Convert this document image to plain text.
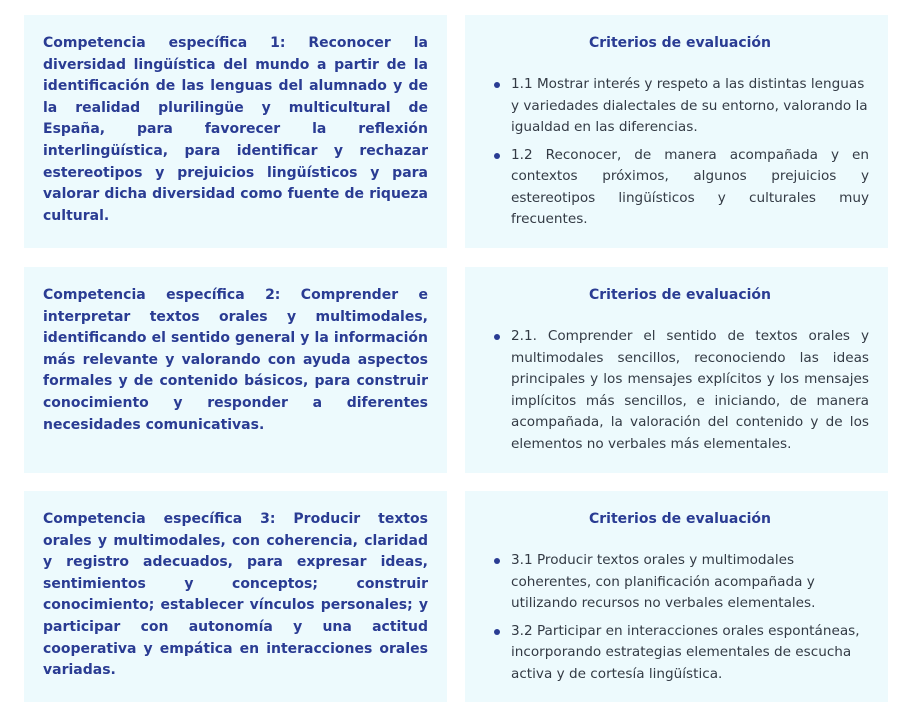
Competencia específica 1: Reconocer la diversidad lingüística del mundo a partir de la identificación de las lenguas del alumnado y de la realidad plurilingüe y multicultural de España, para favorecer la reflexión interlingüística, para identificar y rechazar estereotipos y prejuicios lingüísticos y para valorar dicha diversidad como fuente de riqueza cultural.

Criterios de evaluación

1.1 Mostrar interés y respeto a las distintas lenguas y variedades dialectales de su entorno, valorando la igualdad en las diferencias.
1.2 Reconocer, de manera acompañada y en contextos próximos, algunos prejuicios y estereotipos lingüísticos y culturales muy frecuentes.

Competencia específica 2: Comprender e interpretar textos orales y multimodales, identificando el sentido general y la información más relevante y valorando con ayuda aspectos formales y de contenido básicos, para construir conocimiento y responder a diferentes necesidades comunicativas.

Criterios de evaluación

2.1. Comprender el sentido de textos orales y multimodales sencillos, reconociendo las ideas principales y los mensajes explícitos y los mensajes implícitos más sencillos, e iniciando, de manera acompañada, la valoración del contenido y de los elementos no verbales más elementales.

Competencia específica 3: Producir textos orales y multimodales, con coherencia, claridad y registro adecuados, para expresar ideas, sentimientos y conceptos; construir conocimiento; establecer vínculos personales; y participar con autonomía y una actitud cooperativa y empática en interacciones orales variadas.

Criterios de evaluación

3.1 Producir textos orales y multimodales coherentes, con planificación acompañada y utilizando recursos no verbales elementales.
3.2 Participar en interacciones orales espontáneas, incorporando estrategias elementales de escucha activa y de cortesía lingüística.
